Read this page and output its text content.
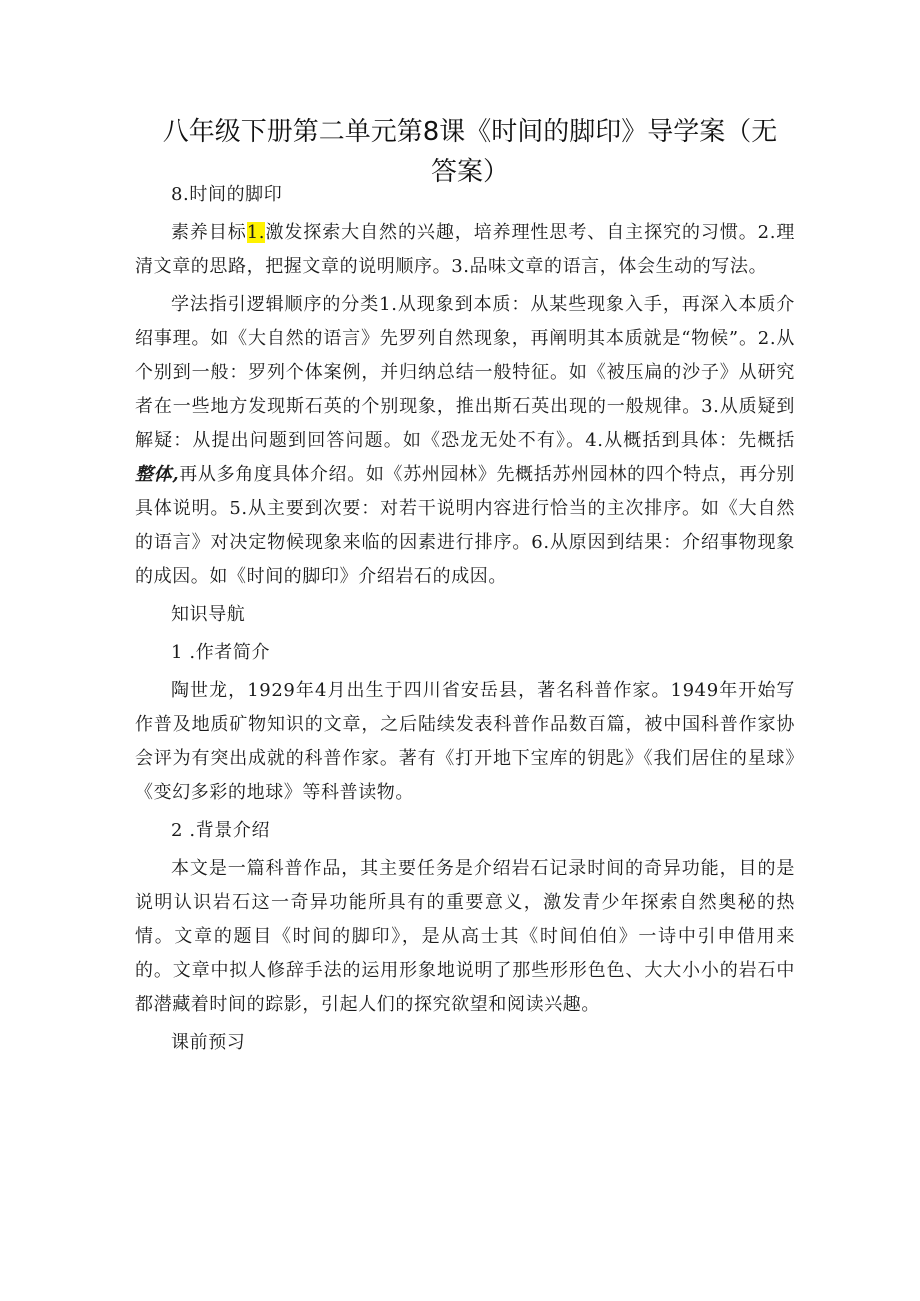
八年级下册第二单元第8课《时间的脚印》导学案（无答案）

8.时间的脚印

素养目标1.激发探索大自然的兴趣，培养理性思考、自主探究的习惯。2.理清文章的思路，把握文章的说明顺序。3.品味文章的语言，体会生动的写法。

学法指引逻辑顺序的分类1.从现象到本质：从某些现象入手，再深入本质介绍事理。如《大自然的语言》先罗列自然现象，再阐明其本质就是“物候”。2.从个别到一般：罗列个体案例，并归纳总结一般特征。如《被压扁的沙子》从研究者在一些地方发现斯石英的个别现象，推出斯石英出现的一般规律。3.从质疑到解疑：从提出问题到回答问题。如《恐龙无处不有》。4.从概括到具体：先概括整体,再从多角度具体介绍。如《苏州园林》先概括苏州园林的四个特点，再分别具体说明。5.从主要到次要：对若干说明内容进行恰当的主次排序。如《大自然的语言》对决定物候现象来临的因素进行排序。6.从原因到结果：介绍事物现象的成因。如《时间的脚印》介绍岩石的成因。

知识导航

1 .作者简介

陶世龙，1929年4月出生于四川省安岳县，著名科普作家。1949年开始写作普及地质矿物知识的文章，之后陆续发表科普作品数百篇，被中国科普作家协会评为有突出成就的科普作家。著有《打开地下宝库的钥匙》《我们居住的星球》《变幻多彩的地球》等科普读物。

2 .背景介绍

本文是一篇科普作品，其主要任务是介绍岩石记录时间的奇异功能，目的是说明认识岩石这一奇异功能所具有的重要意义，激发青少年探索自然奥秘的热情。文章的题目《时间的脚印》，是从高士其《时间伯伯》一诗中引申借用来的。文章中拟人修辞手法的运用形象地说明了那些形形色色、大大小小的岩石中都潜藏着时间的踪影，引起人们的探究欲望和阅读兴趣。

课前预习
